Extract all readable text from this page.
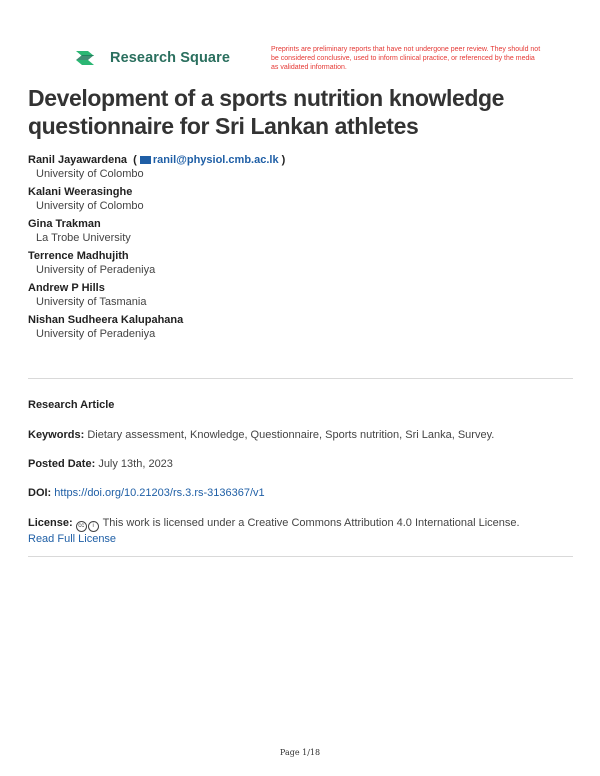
Research Square
Preprints are preliminary reports that have not undergone peer review. They should not be considered conclusive, used to inform clinical practice, or referenced by the media as validated information.
Development of a sports nutrition knowledge questionnaire for Sri Lankan athletes
Ranil Jayawardena  ( ranil@physiol.cmb.ac.lk )
University of Colombo
Kalani Weerasinghe
University of Colombo
Gina Trakman
La Trobe University
Terrence Madhujith
University of Peradeniya
Andrew P Hills
University of Tasmania
Nishan Sudheera Kalupahana
University of Peradeniya
Research Article
Keywords: Dietary assessment, Knowledge, Questionnaire, Sports nutrition, Sri Lanka, Survey.
Posted Date: July 13th, 2023
DOI: https://doi.org/10.21203/rs.3.rs-3136367/v1
License: cc i This work is licensed under a Creative Commons Attribution 4.0 International License.
Read Full License
Page 1/18
